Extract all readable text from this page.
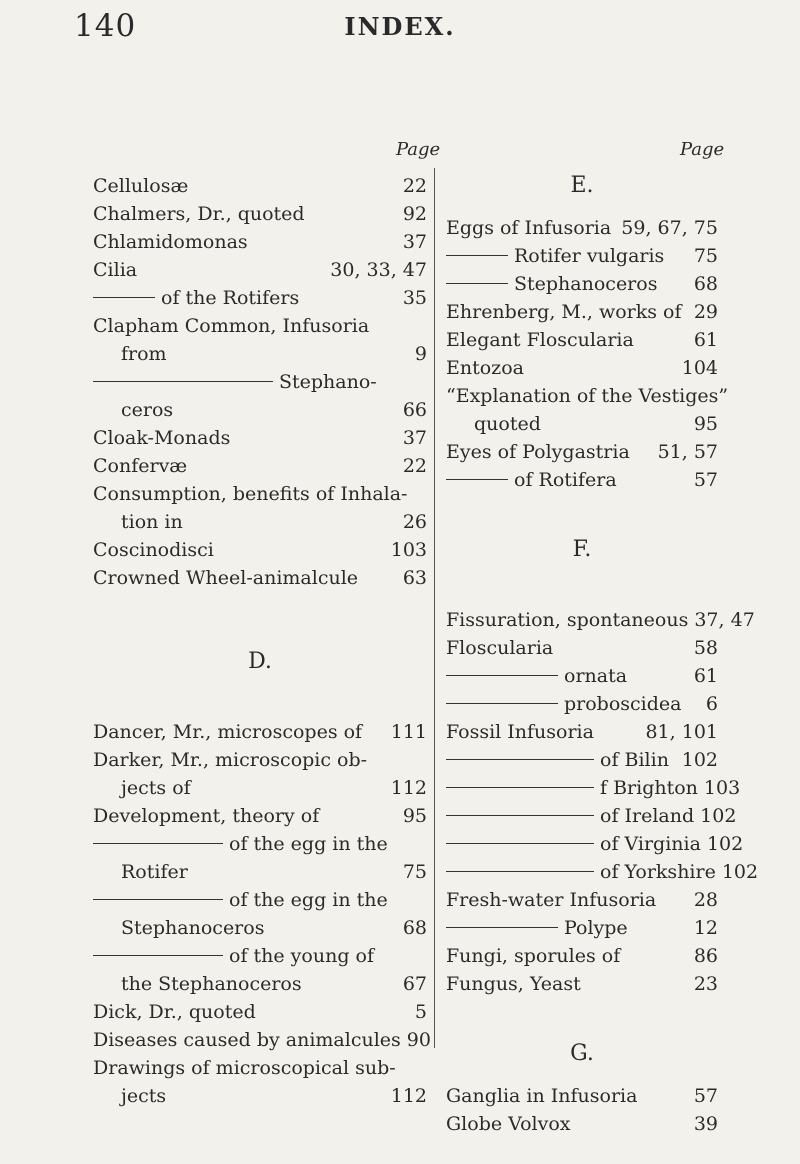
140	INDEX.
Page	Page
Cellulosæ	22
Chalmers, Dr., quoted	92
Chlamidomonas	37
Cilia	30, 33, 47
of the Rotifers	35
Clapham Common, Infusoria
from	9
Stephano-
ceros	66
Cloak-Monads	37
Confervæ	22
Consumption, benefits of Inhala-
tion in	26
Coscinodisci	103
Crowned Wheel-animalcule	63
D.
Dancer, Mr., microscopes of	111
Darker, Mr., microscopic ob-
jects of	112
Development, theory of	95
of the egg in the
Rotifer	75
of the egg in the
Stephanoceros	68
of the young of
the Stephanoceros	67
Dick, Dr., quoted	5
Diseases caused by animalcules 90
Drawings of microscopical sub-
jects	112
E.
Eggs of Infusoria 59, 67, 75
Rotifer vulgaris	75
Stephanoceros	68
Ehrenberg, M., works of 29
Elegant Floscularia	61
Entozoa	104
“Explanation of the Vestiges”
quoted	95
Eyes of Polygastria	51, 57
of Rotifera	57
F.
Fissuration, spontaneous 37, 47
Floscularia	58
ornata	61
proboscidea	6
Fossil Infusoria	81, 101
of Bilin 102
f Brighton 103
of Ireland 102
of Virginia 102
of Yorkshire 102
Fresh-water Infusoria	28
Polype	12
Fungi, sporules of	86
Fungus, Yeast	23
G.
Ganglia in Infusoria	57
Globe Volvox	39
